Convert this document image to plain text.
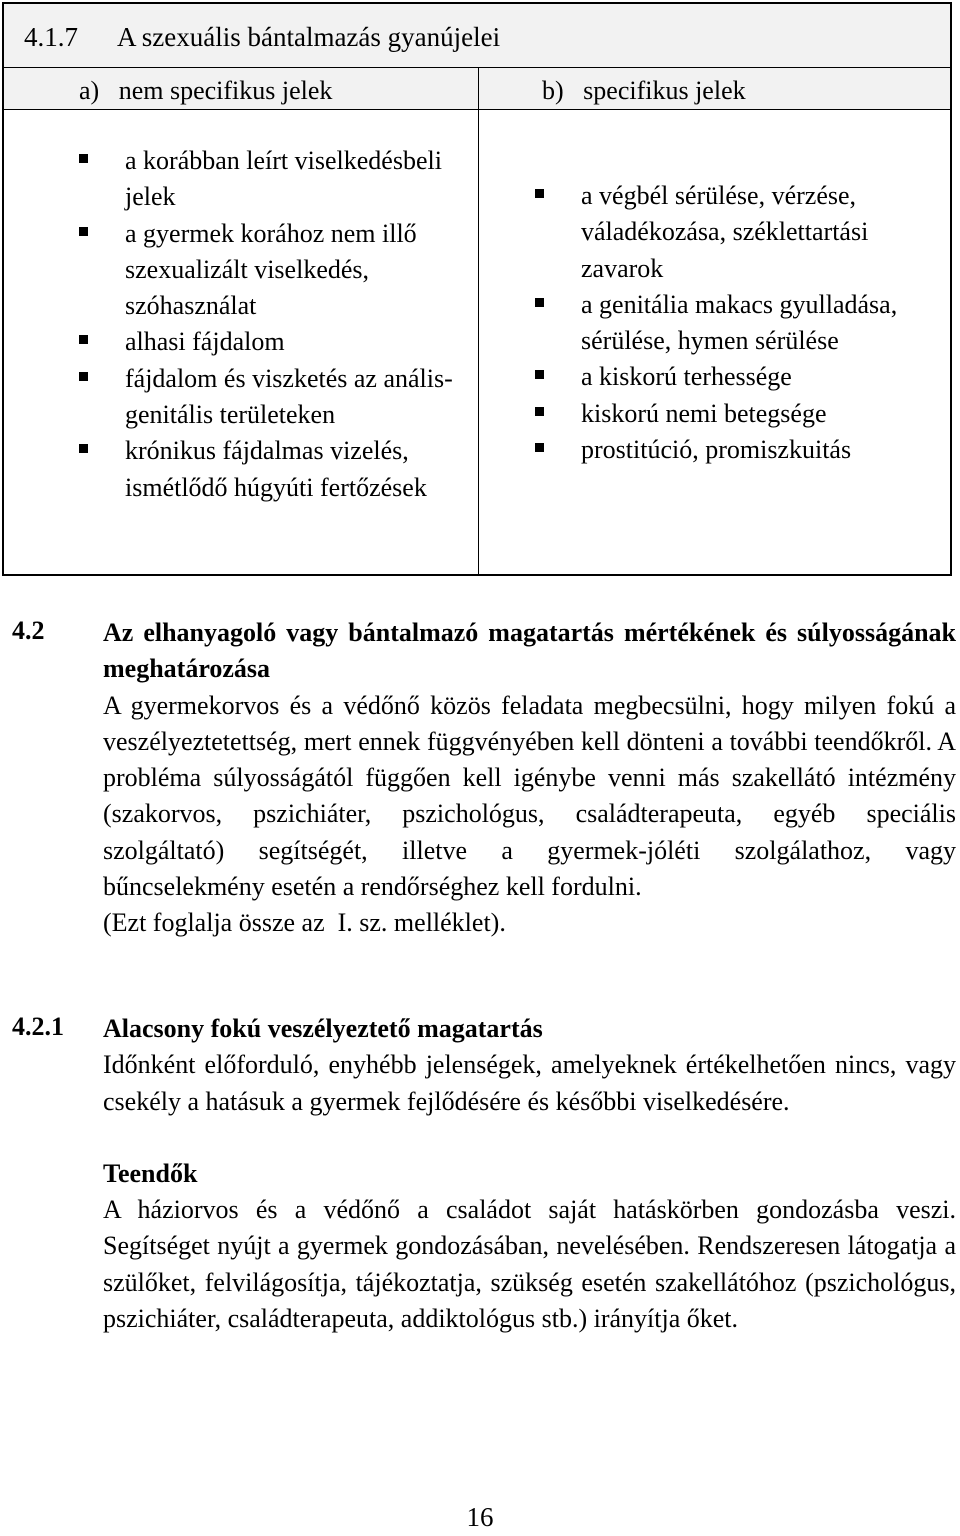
4.1.7 A szexuális bántalmazás gyanújelei
a)   nem specifikus jelek	b)   specifikus jelek
a korábban leírt viselkedésbeli jelek
a gyermek korához nem illő szexualizált viselkedés, szóhasználat
alhasi fájdalom
fájdalom és viszketés az anális-genitális területeken
krónikus fájdalmas vizelés, ismétlődő húgyúti fertőzések
a végbél sérülése, vérzése, váladékozása, széklettartási zavarok
a genitália makacs gyulladása, sérülése, hymen sérülése
a kiskorú terhessége
kiskorú nemi betegsége
prostitúció, promiszkuitás
4.2 Az elhanyagoló vagy bántalmazó magatartás mértékének és súlyosságának meghatározása
A gyermekorvos és a védőnő közös feladata megbecsülni, hogy milyen fokú a veszélyeztetettség, mert ennek függvényében kell dönteni a további teendőkről. A probléma súlyosságától függően kell igénybe venni más szakellátó intézmény (szakorvos, pszichiáter, pszichológus, családterapeuta, egyéb speciális szolgáltató) segítségét, illetve a gyermek-jóléti szolgálathoz, vagy bűncselekmény esetén a rendőrséghez kell fordulni.
(Ezt foglalja össze az  I. sz. melléklet).
4.2.1 Alacsony fokú veszélyeztető magatartás
Időnként előforduló, enyhébb jelenségek, amelyeknek értékelhetően nincs, vagy csekély a hatásuk a gyermek fejlődésére és későbbi viselkedésére.
Teendők
A háziorvos és a védőnő a családot saját hatáskörben gondozásba veszi. Segítséget nyújt a gyermek gondozásában, nevelésében. Rendszeresen látogatja a szülőket, felvilágosítja, tájékoztatja, szükség esetén szakellátóhoz (pszichológus, pszichiáter, családterapeuta, addiktológus stb.) irányítja őket.
16
